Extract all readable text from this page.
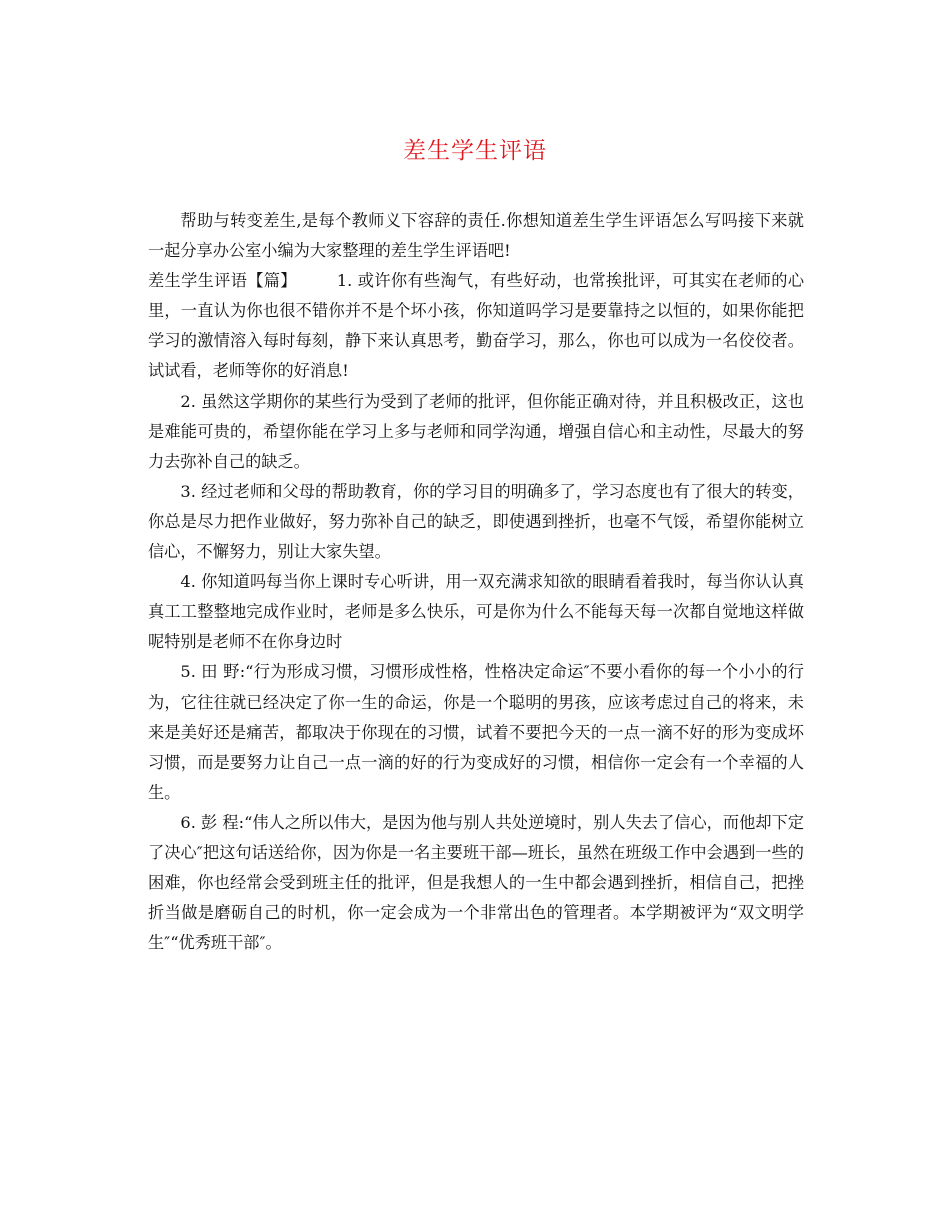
差生学生评语

帮助与转变差生,是每个教师义下容辞的责任.你想知道差生学生评语怎么写吗接下来就一起分享办公室小编为大家整理的差生学生评语吧!

差生学生评语【篇】 1. 或许你有些淘气，有些好动，也常挨批评，可其实在老师的心里，一直认为你也很不错你并不是个坏小孩，你知道吗学习是要靠持之以恒的，如果你能把学习的激情溶入每时每刻，静下来认真思考，勤奋学习，那么，你也可以成为一名佼佼者。试试看，老师等你的好消息!

2. 虽然这学期你的某些行为受到了老师的批评，但你能正确对待，并且积极改正，这也是难能可贵的，希望你能在学习上多与老师和同学沟通，增强自信心和主动性，尽最大的努力去弥补自己的缺乏。

3. 经过老师和父母的帮助教育，你的学习目的明确多了，学习态度也有了很大的转变，你总是尽力把作业做好，努力弥补自己的缺乏，即使遇到挫折，也毫不气馁，希望你能树立信心，不懈努力，别让大家失望。

4. 你知道吗每当你上课时专心听讲，用一双充满求知欲的眼睛看着我时，每当你认认真真工工整整地完成作业时，老师是多么快乐，可是你为什么不能每天每一次都自觉地这样做呢特别是老师不在你身边时

5. 田 野:“行为形成习惯，习惯形成性格，性格决定命运″不要小看你的每一个小小的行为，它往往就已经决定了你一生的命运，你是一个聪明的男孩，应该考虑过自己的将来，未来是美好还是痛苦，都取决于你现在的习惯，试着不要把今天的一点一滴不好的形为变成坏习惯，而是要努力让自己一点一滴的好的行为变成好的习惯，相信你一定会有一个幸福的人生。

6. 彭 程:“伟人之所以伟大，是因为他与别人共处逆境时，别人失去了信心，而他却下定了决心″把这句话送给你，因为你是一名主要班干部—班长，虽然在班级工作中会遇到一些的困难，你也经常会受到班主任的批评，但是我想人的一生中都会遇到挫折，相信自己，把挫折当做是磨砺自己的时机，你一定会成为一个非常出色的管理者。本学期被评为“双文明学生″“优秀班干部″。
